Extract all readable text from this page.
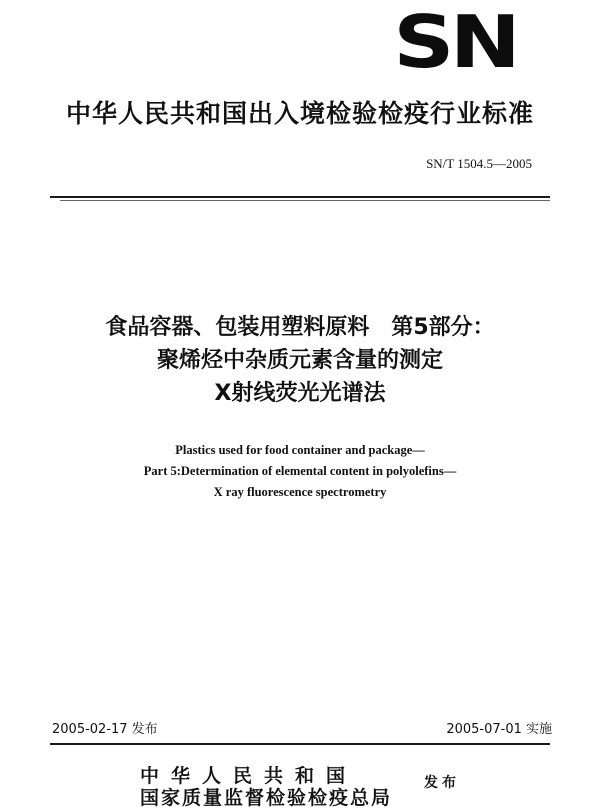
SN
中华人民共和国出入境检验检疫行业标准
SN/T 1504.5—2005
食品容器、包装用塑料原料　第5部分：
聚烯烃中杂质元素含量的测定
X射线荧光光谱法
Plastics used for food container and package—
Part 5:Determination of elemental content in polyolefins—
X ray fluorescence spectrometry
2005-02-17 发布	2005-07-01 实施
中华人民共和国
国家质量监督检验检疫总局
发布
